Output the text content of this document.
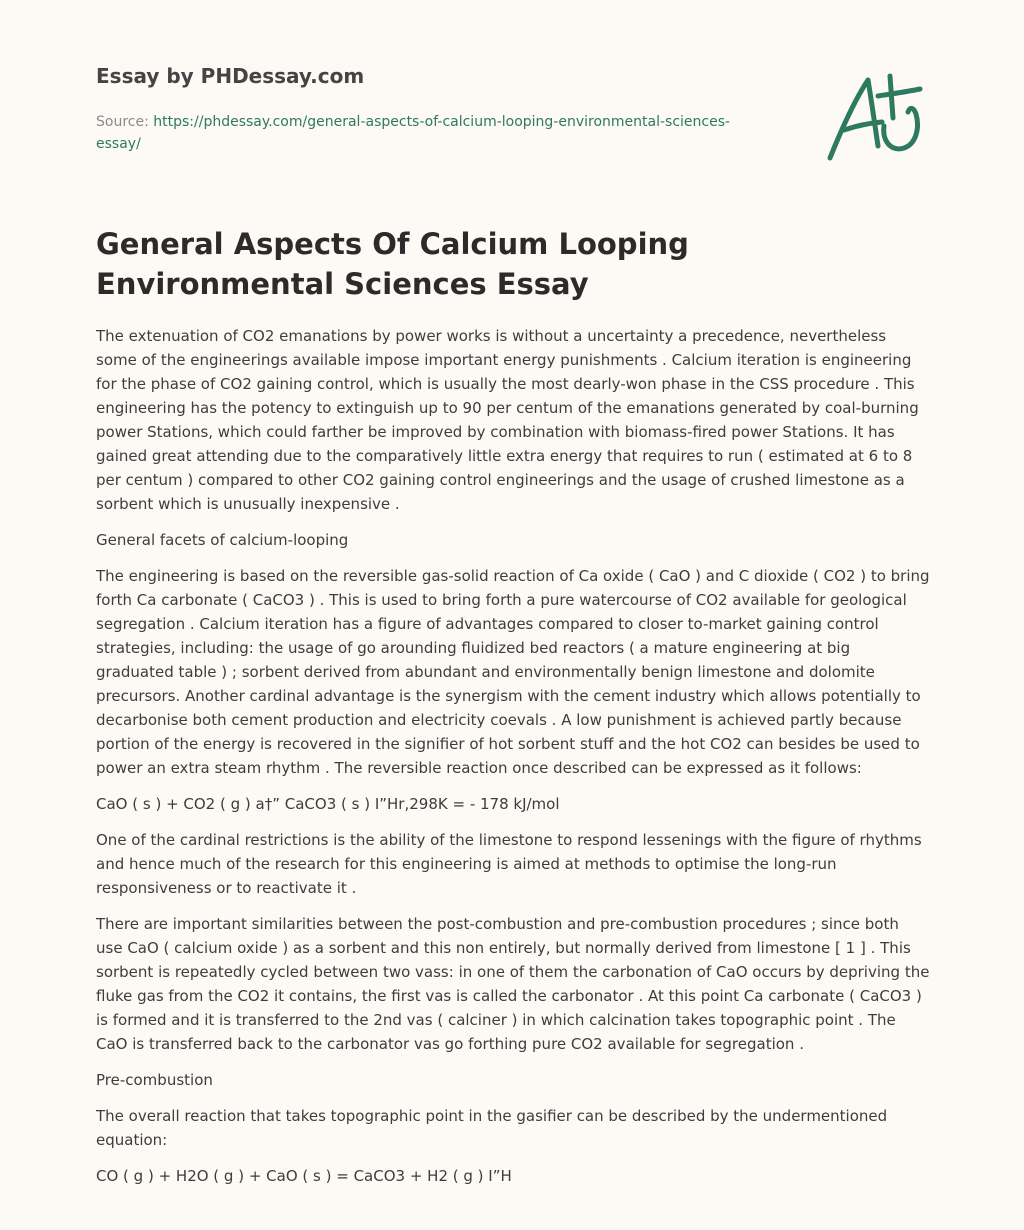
Essay by PHDessay.com
Source: https://phdessay.com/general-aspects-of-calcium-looping-environmental-sciences-essay/
General Aspects Of Calcium Looping Environmental Sciences Essay

The extenuation of CO2 emanations by power works is without a uncertainty a precedence, nevertheless some of the engineerings available impose important energy punishments . Calcium iteration is engineering for the phase of CO2 gaining control, which is usually the most dearly-won phase in the CSS procedure . This engineering has the potency to extinguish up to 90 per centum of the emanations generated by coal-burning power Stations, which could farther be improved by combination with biomass-fired power Stations. It has gained great attending due to the comparatively little extra energy that requires to run ( estimated at 6 to 8 per centum ) compared to other CO2 gaining control engineerings and the usage of crushed limestone as a sorbent which is unusually inexpensive .

General facets of calcium-looping

The engineering is based on the reversible gas-solid reaction of Ca oxide ( CaO ) and C dioxide ( CO2 ) to bring forth Ca carbonate ( CaCO3 ) . This is used to bring forth a pure watercourse of CO2 available for geological segregation . Calcium iteration has a figure of advantages compared to closer to-market gaining control strategies, including: the usage of go arounding fluidized bed reactors ( a mature engineering at big graduated table ) ; sorbent derived from abundant and environmentally benign limestone and dolomite precursors. Another cardinal advantage is the synergism with the cement industry which allows potentially to decarbonise both cement production and electricity coevals . A low punishment is achieved partly because portion of the energy is recovered in the signifier of hot sorbent stuff and the hot CO2 can besides be used to power an extra steam rhythm . The reversible reaction once described can be expressed as it follows:

CaO ( s ) + CO2 ( g ) a†” CaCO3 ( s ) I”Hr,298K = - 178 kJ/mol

One of the cardinal restrictions is the ability of the limestone to respond lessenings with the figure of rhythms and hence much of the research for this engineering is aimed at methods to optimise the long-run responsiveness or to reactivate it .

There are important similarities between the post-combustion and pre-combustion procedures ; since both use CaO ( calcium oxide ) as a sorbent and this non entirely, but normally derived from limestone [ 1 ] . This sorbent is repeatedly cycled between two vass: in one of them the carbonation of CaO occurs by depriving the fluke gas from the CO2 it contains, the first vas is called the carbonator . At this point Ca carbonate ( CaCO3 ) is formed and it is transferred to the 2nd vas ( calciner ) in which calcination takes topographic point . The CaO is transferred back to the carbonator vas go forthing pure CO2 available for segregation .

Pre-combustion

The overall reaction that takes topographic point in the gasifier can be described by the undermentioned equation:

CO ( g ) + H2O ( g ) + CaO ( s ) = CaCO3 + H2 ( g ) I”H
